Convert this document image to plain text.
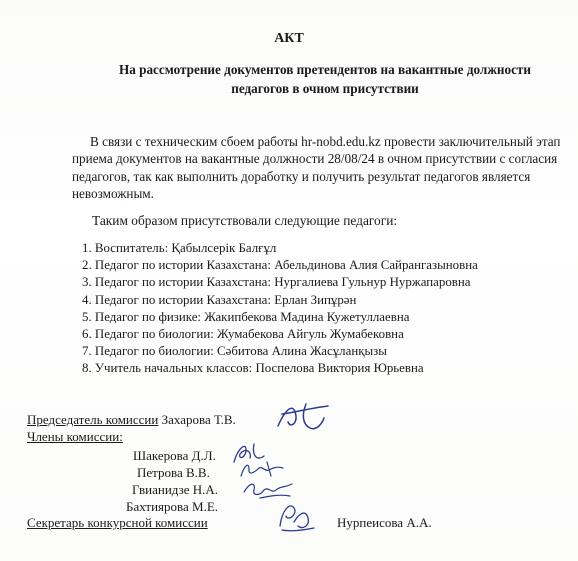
АКТ
На рассмотрение документов претендентов на вакантные должности
педагогов в очном присутствии
В связи с техническим сбоем работы hr-nobd.edu.kz провести заключительный этап приема документов на вакантные должности 28/08/24 в очном присутствии с согласия педагогов, так как выполнить доработку и получить результат педагогов является невозможным.
Таким образом присутствовали следующие педагоги:
1. Воспитатель: Қабылсерік Балғұл
2. Педагог по истории Казахстана: Абельдинова Алия Сайрангазыновна
3. Педагог по истории Казахстана: Нургалиева Гульнур Нуржапаровна
4. Педагог по истории Казахстана: Ерлан Зипұрән
5. Педагог по физике: Жакипбекова Мадина Кужетуллаевна
6. Педагог по биологии: Жумабекова Айгуль Жумабековна
7. Педагог по биологии: Сәбитова Алина Жасұланқызы
8. Учитель начальных классов: Поспелова Виктория Юрьевна
Председатель комиссии Захарова Т.В.
Члены комиссии:
Шакерова Д.Л.
Петрова В.В.
Гвианидзе Н.А.
Бахтиярова М.Е.
Секретарь конкурсной комиссии	Нурпеисова А.А.
